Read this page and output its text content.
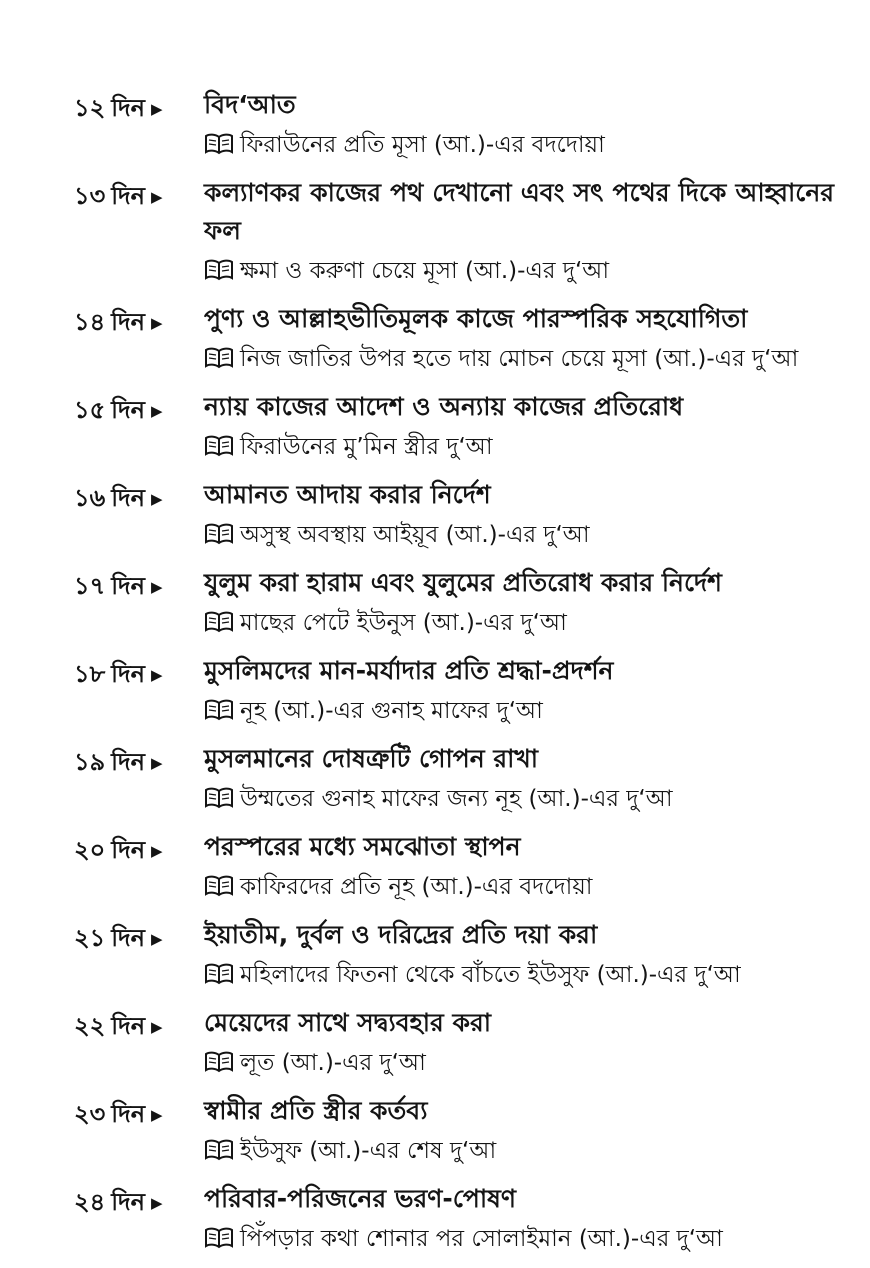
১২ দিন ▶	বিদ‘আত
ফিরাউনের প্রতি মূসা (আ.)-এর বদদোয়া
১৩ দিন ▶	কল্যাণকর কাজের পথ দেখানো এবং সৎ পথের দিকে আহ্বানের ফল
ক্ষমা ও করুণা চেয়ে মূসা (আ.)-এর দু‘আ
১৪ দিন ▶	পুণ্য ও আল্লাহভীতিমূলক কাজে পারস্পরিক সহযোগিতা
নিজ জাতির উপর হতে দায় মোচন চেয়ে মূসা (আ.)-এর দু‘আ
১৫ দিন ▶	ন্যায় কাজের আদেশ ও অন্যায় কাজের প্রতিরোধ
ফিরাউনের মু’মিন স্ত্রীর দু‘আ
১৬ দিন ▶	আমানত আদায় করার নির্দেশ
অসুস্থ অবস্থায় আইয়ূব (আ.)-এর দু‘আ
১৭ দিন ▶	যুলুম করা হারাম এবং যুলুমের প্রতিরোধ করার নির্দেশ
মাছের পেটে ইউনুস (আ.)-এর দু‘আ
১৮ দিন ▶	মুসলিমদের মান-মর্যাদার প্রতি শ্রদ্ধা-প্রদর্শন
নূহ (আ.)-এর গুনাহ মাফের দু‘আ
১৯ দিন ▶	মুসলমানের দোষত্রুটি গোপন রাখা
উম্মতের গুনাহ মাফের জন্য নূহ (আ.)-এর দু‘আ
২০ দিন ▶	পরস্পরের মধ্যে সমঝোতা স্থাপন
কাফিরদের প্রতি নূহ (আ.)-এর বদদোয়া
২১ দিন ▶	ইয়াতীম, দুর্বল ও দরিদ্রের প্রতি দয়া করা
মহিলাদের ফিতনা থেকে বাঁচতে ইউসুফ (আ.)-এর দু‘আ
২২ দিন ▶	মেয়েদের সাথে সদ্ব্যবহার করা
লূত (আ.)-এর দু‘আ
২৩ দিন ▶	স্বামীর প্রতি স্ত্রীর কর্তব্য
ইউসুফ (আ.)-এর শেষ দু‘আ
২৪ দিন ▶	পরিবার-পরিজনের ভরণ-পোষণ
পিঁপড়ার কথা শোনার পর সোলাইমান (আ.)-এর দু‘আ
